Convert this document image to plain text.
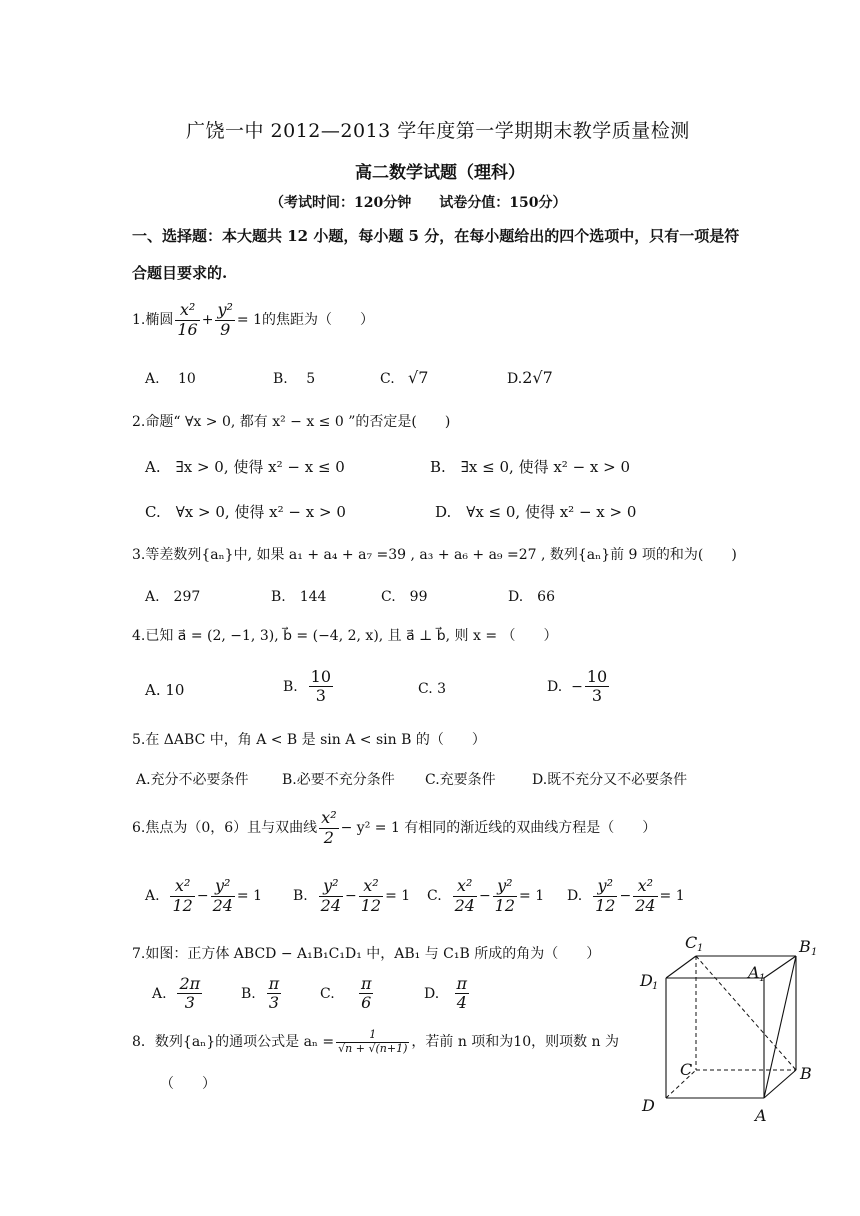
广饶一中 2012—2013 学年度第一学期期末教学质量检测
高二数学试题（理科）
（考试时间：120分钟　　试卷分值：150分）
一、选择题：本大题共 12 小题，每小题 5 分，在每小题给出的四个选项中，只有一项是符
合题目要求的.
1.椭圆 $\frac{\text{x²}}{16} + \frac{\text{y²}}{9} = 1$的焦距为（　　）
A.　 10	B.　 5	C. √7	D.2√7
2.命题“ ∀x > 0, 都有 x² − x ≤ 0 ”的否定是(　　)
A.　∃x > 0, 使得 x² − x ≤ 0	B.　∃x ≤ 0, 使得 x² − x > 0
C.　∀x > 0, 使得 x² − x > 0	D.　∀x ≤ 0, 使得 x² − x > 0
3.等差数列{aₙ}中, 如果 a₁ + a₄ + a₇ =39 , a₃ + a₆ + a₉ =27 , 数列{aₙ}前 9 项的和为(　　)
A.　297	B.　144	C.　99	D.　66
4.已知 a⃗ = (2, −1, 3), b⃗ = (−4, 2, x), 且 a⃗ ⊥ b⃗, 则 x = （　　）
A. 10	B. $\frac{10}{3}$	C. 3	D. − $\frac{10}{3}$
5.在 ΔABC 中，角 A < B 是 sin A < sin B 的（　　）
A.充分不必要条件 B.必要不充分条件 C.充要条件	D.既不充分又不必要条件
6.焦点为（0，6）且与双曲线 $\frac{\text{x²}}{2} - y^2 = 1$ 有相同的渐近线的双曲线方程是（　　）
A. $\frac{\text{x²}}{12} - \frac{\text{y²}}{24} = 1$ B. $\frac{\text{y²}}{24} - \frac{\text{x²}}{12} = 1$ C. $\frac{\text{x²}}{24} - \frac{\text{y²}}{12} = 1$ D. $\frac{\text{y²}}{12} - \frac{\text{x²}}{24} = 1$
7.如图：正方体 ABCD − A₁B₁C₁D₁ 中，AB₁ 与 C₁B 所成的角为（　　）
A. $\frac{2\pi}{3}$	B. $\frac{\pi}{3}$	C. $\frac{\pi}{6}$	D. $\frac{\pi}{4}$
8．数列{aₙ}的通项公式是 $a_n = \frac{1}{√n + √(n+1)}$ ，若前 n 项和为10，则项数 n 为
（　　）
C 1	B 1
D 1
A 1
C	B
D
A
